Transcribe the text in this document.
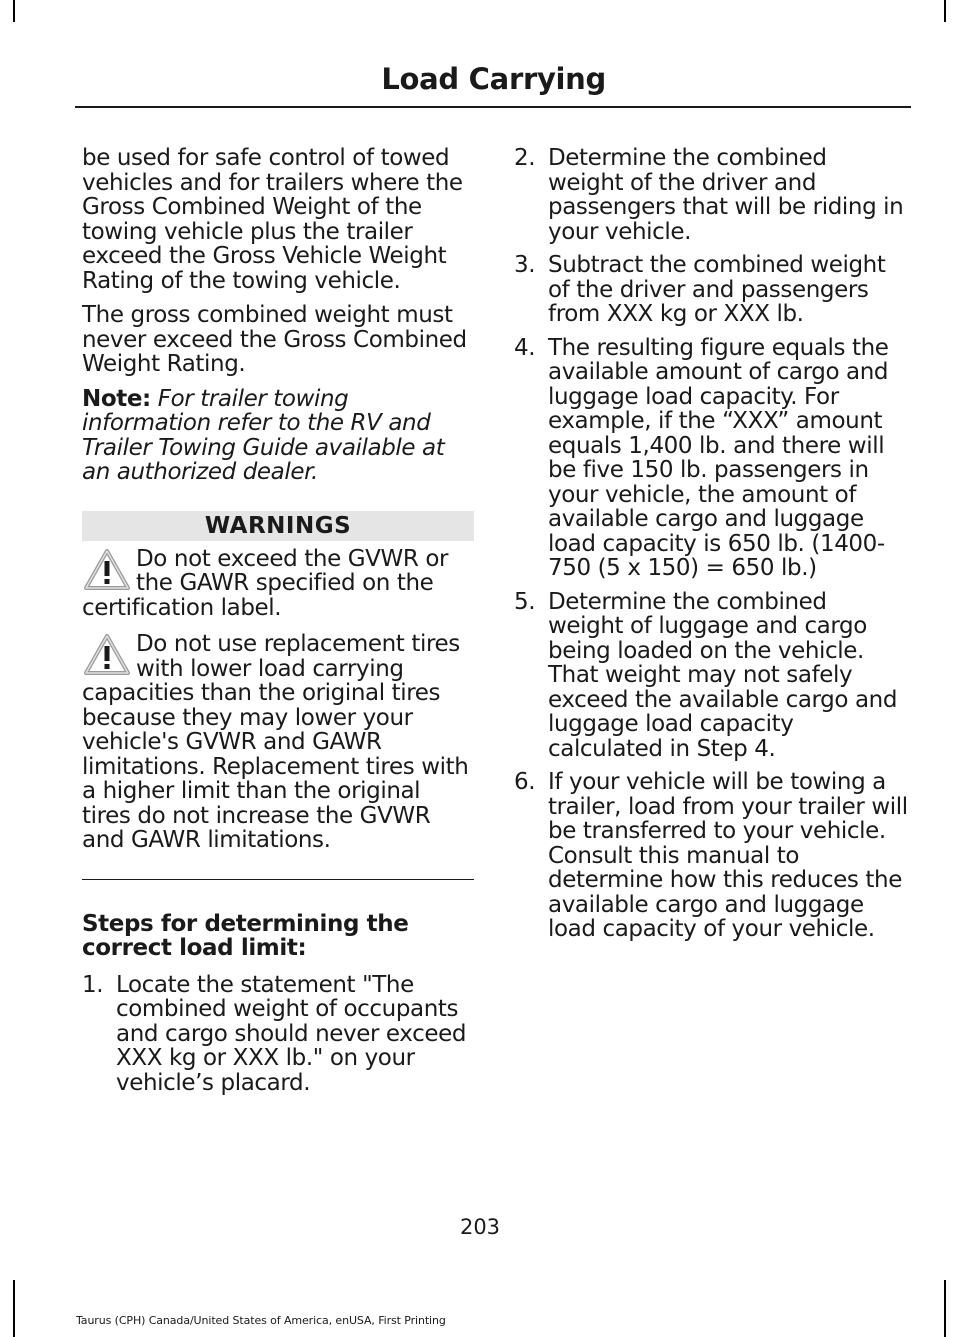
Load Carrying

be used for safe control of towed vehicles and for trailers where the Gross Combined Weight of the towing vehicle plus the trailer exceed the Gross Vehicle Weight Rating of the towing vehicle.

The gross combined weight must never exceed the Gross Combined Weight Rating.

Note: For trailer towing information refer to the RV and Trailer Towing Guide available at an authorized dealer.

WARNINGS
Do not exceed the GVWR or the GAWR specified on the certification label.
Do not use replacement tires with lower load carrying capacities than the original tires because they may lower your vehicle's GVWR and GAWR limitations. Replacement tires with a higher limit than the original tires do not increase the GVWR and GAWR limitations.
Steps for determining the correct load limit:
1. Locate the statement "The combined weight of occupants and cargo should never exceed XXX kg or XXX lb." on your vehicle’s placard.
2. Determine the combined weight of the driver and passengers that will be riding in your vehicle.
3. Subtract the combined weight of the driver and passengers from XXX kg or XXX lb.
4. The resulting figure equals the available amount of cargo and luggage load capacity. For example, if the “XXX” amount equals 1,400 lb. and there will be five 150 lb. passengers in your vehicle, the amount of available cargo and luggage load capacity is 650 lb. (1400-750 (5 x 150) = 650 lb.)
5. Determine the combined weight of luggage and cargo being loaded on the vehicle. That weight may not safely exceed the available cargo and luggage load capacity calculated in Step 4.
6. If your vehicle will be towing a trailer, load from your trailer will be transferred to your vehicle. Consult this manual to determine how this reduces the available cargo and luggage load capacity of your vehicle.
203
Taurus (CPH) Canada/United States of America, enUSA, First Printing
